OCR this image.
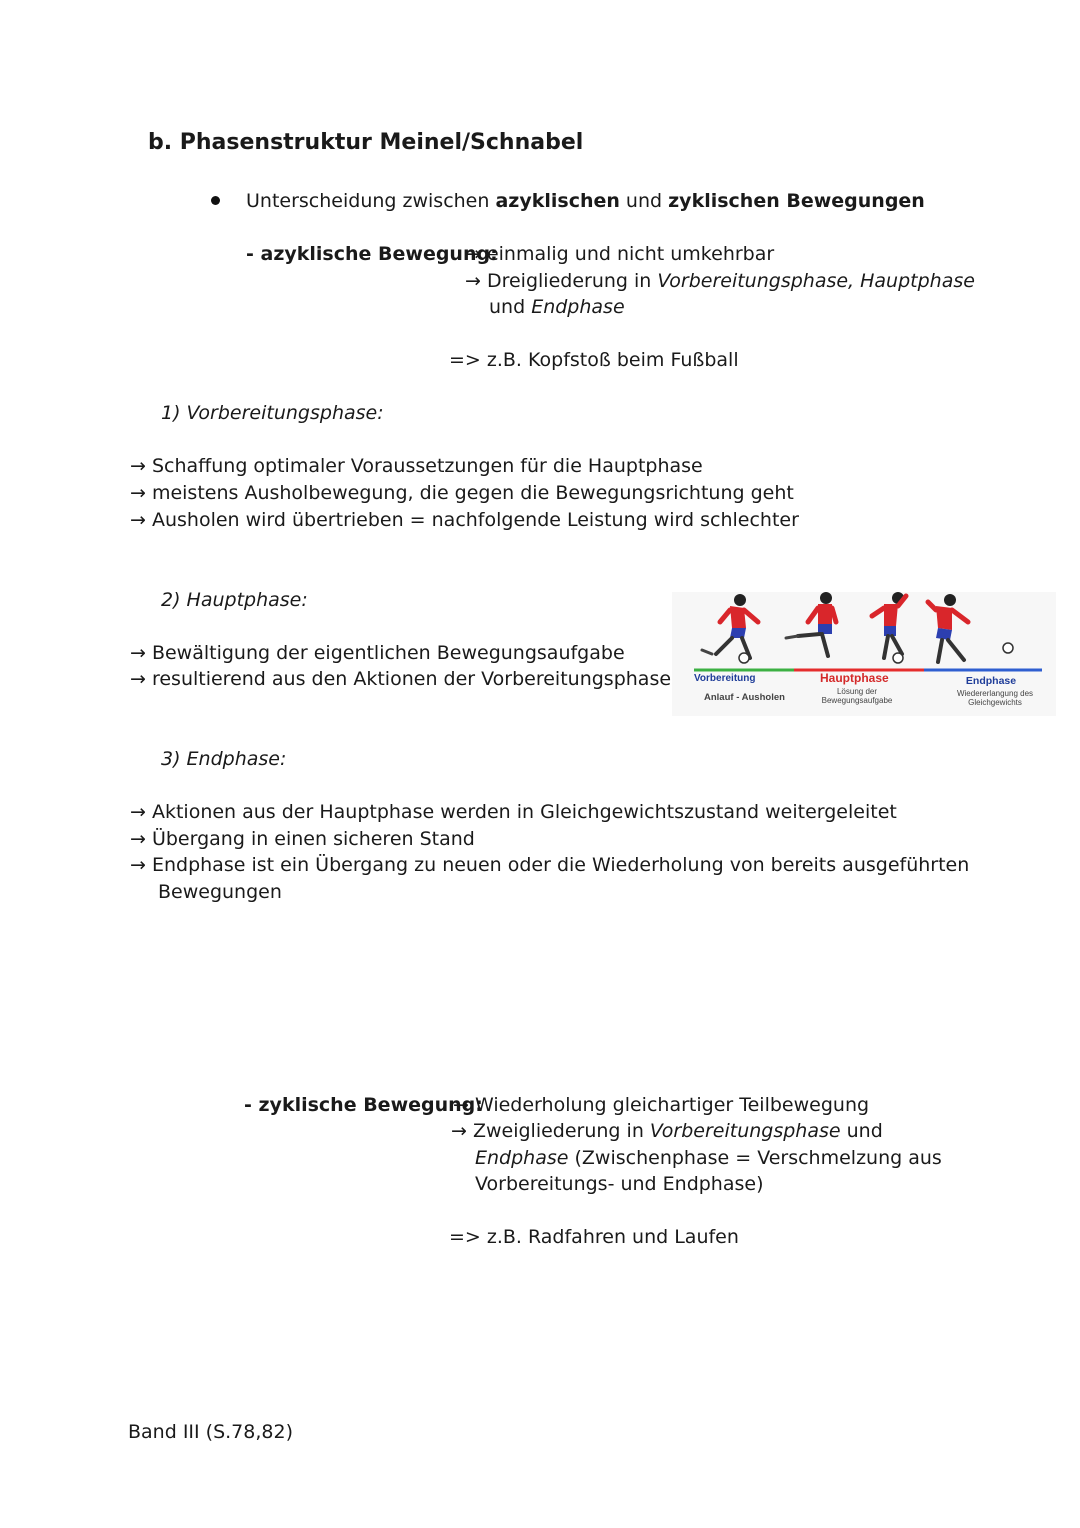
b. Phasenstruktur Meinel/Schnabel
Unterscheidung zwischen azyklischen und zyklischen Bewegungen
- azyklische Bewegung:
→ einmalig und nicht umkehrbar
→ Dreigliederung in Vorbereitungsphase, Hauptphase
und Endphase
=> z.B. Kopfstoß beim Fußball
1) Vorbereitungsphase:
→ Schaffung optimaler Voraussetzungen für die Hauptphase
→ meistens Ausholbewegung, die gegen die Bewegungsrichtung geht
→ Ausholen wird übertrieben = nachfolgende Leistung wird schlechter
2) Hauptphase:
→ Bewältigung der eigentlichen Bewegungsaufgabe
→ resultierend aus den Aktionen der Vorbereitungsphase Vorbereitung
Anlauf - Ausholen
Hauptphase
Lösung der
Bewegungsaufgabe
Endphase
Wiedererlangung des
Gleichgewichts
3) Endphase:
→ Aktionen aus der Hauptphase werden in Gleichgewichtszustand weitergeleitet
→ Übergang in einen sicheren Stand
→ Endphase ist ein Übergang zu neuen oder die Wiederholung von bereits ausgeführten
Bewegungen
- zyklische Bewegung:
→ Wiederholung gleichartiger Teilbewegung
→ Zweigliederung in Vorbereitungsphase und
Endphase (Zwischenphase = Verschmelzung aus
Vorbereitungs- und Endphase)
=> z.B. Radfahren und Laufen
Band III (S.78,82)
